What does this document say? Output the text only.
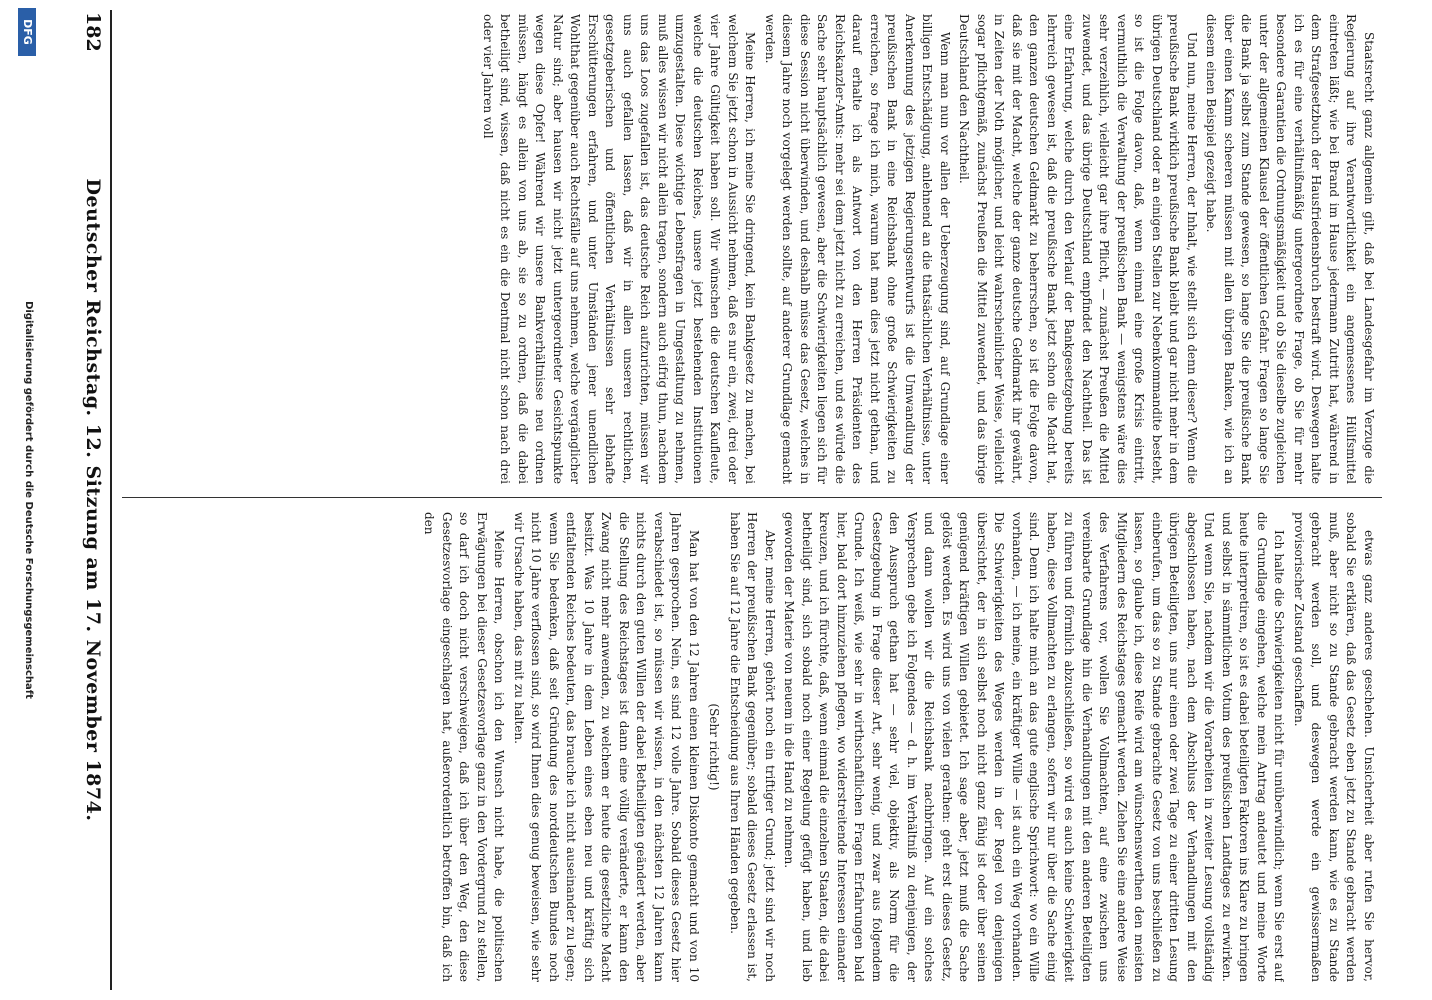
182
Deutscher Reichstag. 12. Sitzung am 17. November 1874.	Staatsrecht ganz allgemein gilt, daß bei Landesgefahr im Verzuge die Regierung auf ihre Verantwortlichkeit ein angemessenes Hülfsmittel eintreten läßt; wie bei Brand im Hause jedermann Zutritt hat, während in dem Strafgesetzbuch der Hausfriedensbruch bestraft wird. Deswegen halte ich es für eine verhältnißmäßig untergeordnete Frage, ob Sie für mehr besondere Garantien die Ordnungsmäßigkeit und ob Sie dieselbe zugleichen unter der allgemeinen Klausel der öffentlichen Gefahr. Fragen so lange Sie die Bank ja selbst zum Stande gewesen, so lange Sie die preußische Bank über einen Kamm scheeren müssen mit allen übrigen Banken, wie ich an diesem einen Beispiel gezeigt habe.

Und nun, meine Herren, der Inhalt, wie stellt sich denn dieser? Wenn die preußische Bank wirklich preußische Bank bleibt und gar nicht mehr in dem übrigen Deutschland oder an einigen Stellen zur Nebenkommandite besteht, so ist die Folge davon, daß, wenn einmal eine große Krisis eintritt, vermuthlich die Verwaltung der preußischen Bank — wenigstens wäre dies sehr verzeihlich, vielleicht gar ihre Pflicht, — zunächst Preußen die Mittel zuwendet, und das übrige Deutschland empfindet den Nachtheil. Das ist eine Erfahrung, welche durch den Verlauf der Bankgesetzgebung bereits lehrreich gewesen ist, daß die preußische Bank jetzt schon die Macht hat, den ganzen deutschen Geldmarkt zu beherrschen, so ist die Folge davon, daß sie mit der Macht, welche der ganze deutsche Geldmarkt ihr gewährt, in Zeiten der Noth möglicher, und leicht wahrscheinlicher Weise, vielleicht sogar pflichtgemäß, zunächst Preußen die Mittel zuwendet, und das übrige Deutschland den Nachtheil.

Wenn man nun vor allen der Ueberzeugung sind, auf Grundlage einer billigen Entschädigung, anlehnend an die thatsächlichen Verhältnisse, unter Anerkennung des jetzigen Regierungsentwurfs ist die Umwandlung der preußischen Bank in eine Reichsbank ohne große Schwierigkeiten zu erreichen, so frage ich mich, warum hat man dies jetzt nicht gethan, und darauf erhalte ich als Antwort von den Herren Präsidenten des Reichskanzler-Amts: mehr sei dem jetzt nicht zu erreichen, und es würde die Sache sehr hauptsächlich gewesen, aber die Schwierigkeiten liegen sich für diese Session nicht überwinden, und deshalb müsse das Gesetz, welches in diesem Jahre noch vorgelegt werden sollte, auf anderer Grundlage gemacht werden.

Meine Herren, ich meine Sie dringend, kein Bankgesetz zu machen, bei welchem Sie jetzt schon in Aussicht nehmen, daß es nur ein, zwei, drei oder vier Jahre Gültigkeit haben soll. Wir wünschen die deutschen Kaufleute, welche die deutschen Reiches, unsere jetzt bestehenden Institutionen umzugestalten. Diese wichtige Lebensfragen in Umgestaltung zu nehmen, muß alles wissen wir nicht allein tragen, sondern auch eifrig thun, nachdem uns das Loos zugefallen ist, das deutsche Reich aufzurichten, müssen wir uns auch gefallen lassen, daß wir in allen unseren rechtlichen, gesetzgeberischen und öffentlichen Verhältnissen sehr lebhafte Erschütterungen erfahren, und unter Umständen jener unendlichen Wohlthat gegenüber auch Rechtsfälle auf uns nehmen, welche vergänglicher Natur sind; aber hausen wir nicht jetzt untergeordneter Gesichtspunkte wegen diese Opfer! Während wir unsere Bankverhältnisse neu ordnen müssen, hängt es allein von uns ab, sie so zu ordnen, daß die dabei betheiligt sind, wissen, daß nicht es ein die Dentmal nicht schon nach drei oder vier Jahren voll

etwas ganz anderes geschehen. Unsicherheit aber rufen Sie hervor, sobald Sie erklären, daß das Gesetz eben jetzt zu Stande gebracht werden muß, aber nicht so zu Stande gebracht werden kann, wie es zu Stande gebracht werden soll, und deswegen werde ein gewissermaßen provisorischer Zustand geschaffen.

Ich halte die Schwierigkeiten nicht für unüberwindlich; wenn Sie erst auf die Grundlage eingehen, welche mein Antrag andeutet und meine Worte heute interpretiren, so ist es dabei beteiligten Faktoren ins Klare zu bringen und selbst in sämmtlichen Votum des preußischen Landtages zu erwirken. Und wenn Sie, nachdem wir die Vorarbeiten in zweiter Lesung vollständig abgeschlossen haben, nach dem Abschluss der Verhandlungen mit den übrigen Beteiligten, uns nur einen oder zwei Tage zu einer dritten Lesung einberufen, um das so zu Stande gebrachte Gesetz von uns beschließen zu lassen, so glaube ich, diese Reife wird am wünschenswerthen den meisten Mitgliedern des Reichstages gemacht werden. Ziehen Sie eine andere Weise des Verfahrens vor, wollen Sie Vollmachten, auf eine zwischen uns vereinbarte Grundlage hin die Verhandlungen mit den anderen Beteiligten zu führen und förmlich abzuschließen, so wird es auch keine Schwierigkeit haben, diese Vollmachten zu erlangen, sofern wir nur über die Sache einig sind. Denn ich halte mich an das gute englische Sprichwort: wo ein Wille vorhanden, — ich meine, ein kräftiger Wille — ist auch ein Weg vorhanden. Die Schwierigkeiten des Weges werden in der Regel von denjenigen übersichtet, der in sich selbst noch nicht ganz fähig ist oder über seinen genügend kräftigen Willen gebietet. Ich sage aber, jetzt muß die Sache gelöst werden. Es wird uns von vielen gerathen: geht erst dieses Gesetz, und dann wollen wir die Reichsbank nachbringen. Auf ein solches Versprechen gebe ich Folgendes — d. h. im Verhältniß zu denjenigen, der den Ausspruch gethan hat — sehr viel, objektiv, als Norm für die Gesetzgebung in Frage dieser Art, sehr wenig, und zwar aus folgendem Grunde. Ich weiß, wie sehr in wirthschaftlichen Fragen Erfahrungen bald hier, bald dort hinzuziehen pflegen, wo widerstreitende Interessen einander kreuzen, und ich fürchte, daß, wenn einmal die einzelnen Staaten, die dabei betheiligt sind, sich sobald noch einer Regelung gefügt haben, und lieb geworden der Materie von neuem in die Hand zu nehmen.

Aber, meine Herren, gehört noch ein triftiger Grund; jetzt sind wir noch Herren der preußischen Bank gegenüber; sobald dieses Gesetz erlassen ist, haben Sie auf 12 Jahre die Entscheidung aus Ihren Händen gegeben.

(Sehr richtig!)

Man hat von den 12 Jahren einen kleinen Diskonto gemacht und von 10 Jahren gesprochen. Nein, es sind 12 volle Jahre. Sobald dieses Gesetz hier verabschiedet ist, so müssen wir wissen, in den nächsten 12 Jahren kann nichts durch den guten Willen der dabei Betheiligten geändert werden, aber die Stellung des Reichstages ist dann eine völlig veränderte, er kann den Zwang nicht mehr anwenden, zu welchem er heute die gesetzliche Macht besitzt. Was 10 Jahre in dem Leben eines eben neu und kräftig sich entfaltenden Reiches bedeuten, das brauche ich nicht auseinander zu legen; wenn Sie bedenken, daß seit Gründung des norddeutschen Bundes noch nicht 10 Jahre verflossen sind, so wird Ihnen dies genug beweisen, wie sehr wir Ursache haben, das mit zu halten.

Meine Herren, obschon ich den Wunsch nicht habe, die politischen Erwägungen bei dieser Gesetzesvorlage ganz in den Vordergrund zu stellen, so darf ich doch nicht verschweigen, daß ich über den Weg, den diese Gesetzesvorlage eingeschlagen hat, außerordentlich betroffen bin, daß ich den

Digitalisierung gefördert durch die Deutsche Forschungsgemeinschaft
DFG
